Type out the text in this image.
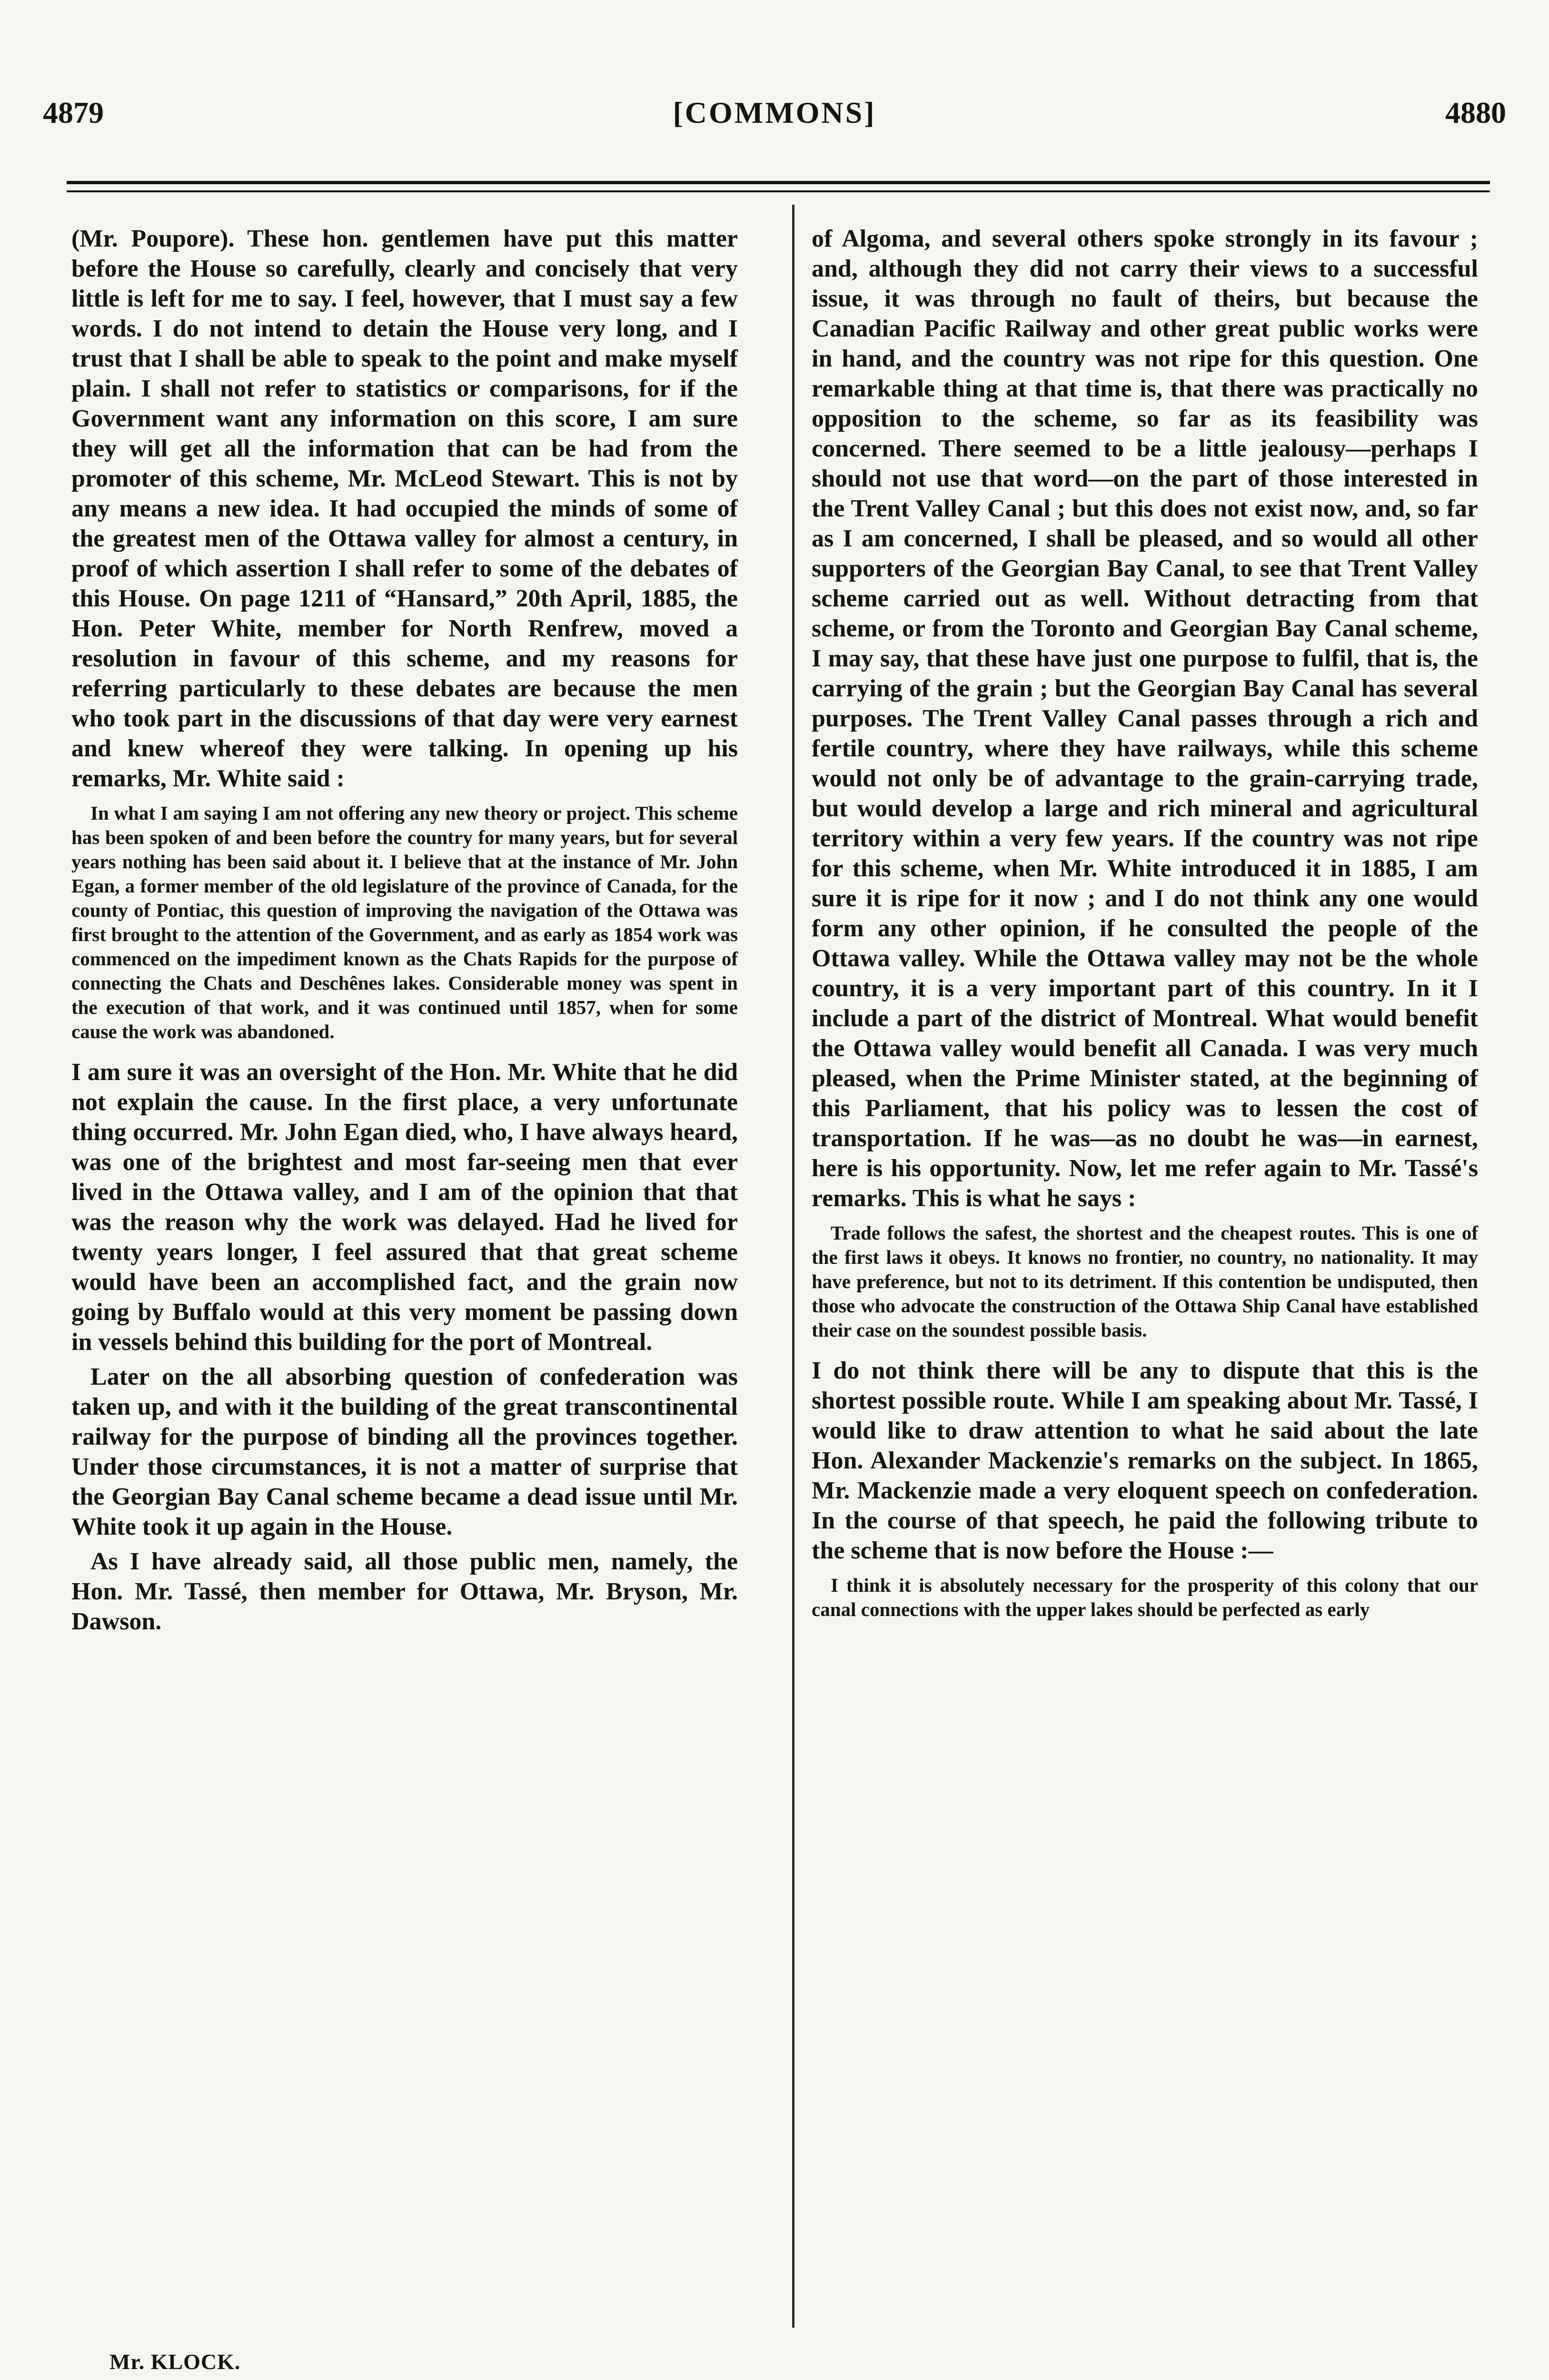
4879	[COMMONS]	4880

(Mr. Poupore). These hon. gentlemen have put this matter before the House so carefully, clearly and concisely that very little is left for me to say. I feel, however, that I must say a few words. I do not intend to detain the House very long, and I trust that I shall be able to speak to the point and make myself plain. I shall not refer to statistics or comparisons, for if the Government want any information on this score, I am sure they will get all the information that can be had from the promoter of this scheme, Mr. McLeod Stewart. This is not by any means a new idea. It had occupied the minds of some of the greatest men of the Ottawa valley for almost a century, in proof of which assertion I shall refer to some of the debates of this House. On page 1211 of “Hansard,” 20th April, 1885, the Hon. Peter White, member for North Renfrew, moved a resolution in favour of this scheme, and my reasons for referring particularly to these debates are because the men who took part in the discussions of that day were very earnest and knew whereof they were talking. In opening up his remarks, Mr. White said :

In what I am saying I am not offering any new theory or project. This scheme has been spoken of and been before the country for many years, but for several years nothing has been said about it. I believe that at the instance of Mr. John Egan, a former member of the old legislature of the province of Canada, for the county of Pontiac, this question of improving the navigation of the Ottawa was first brought to the attention of the Government, and as early as 1854 work was commenced on the impediment known as the Chats Rapids for the purpose of connecting the Chats and Deschênes lakes. Considerable money was spent in the execution of that work, and it was continued until 1857, when for some cause the work was abandoned.

I am sure it was an oversight of the Hon. Mr. White that he did not explain the cause. In the first place, a very unfortunate thing occurred. Mr. John Egan died, who, I have always heard, was one of the brightest and most far-seeing men that ever lived in the Ottawa valley, and I am of the opinion that that was the reason why the work was delayed. Had he lived for twenty years longer, I feel assured that that great scheme would have been an accomplished fact, and the grain now going by Buffalo would at this very moment be passing down in vessels behind this building for the port of Montreal.

Later on the all absorbing question of confederation was taken up, and with it the building of the great transcontinental railway for the purpose of binding all the provinces together. Under those circumstances, it is not a matter of surprise that the Georgian Bay Canal scheme became a dead issue until Mr. White took it up again in the House.

As I have already said, all those public men, namely, the Hon. Mr. Tassé, then member for Ottawa, Mr. Bryson, Mr. Dawson.

of Algoma, and several others spoke strongly in its favour ; and, although they did not carry their views to a successful issue, it was through no fault of theirs, but because the Canadian Pacific Railway and other great public works were in hand, and the country was not ripe for this question. One remarkable thing at that time is, that there was practically no opposition to the scheme, so far as its feasibility was concerned. There seemed to be a little jealousy—perhaps I should not use that word—on the part of those interested in the Trent Valley Canal ; but this does not exist now, and, so far as I am concerned, I shall be pleased, and so would all other supporters of the Georgian Bay Canal, to see that Trent Valley scheme carried out as well. Without detracting from that scheme, or from the Toronto and Georgian Bay Canal scheme, I may say, that these have just one purpose to fulfil, that is, the carrying of the grain ; but the Georgian Bay Canal has several purposes. The Trent Valley Canal passes through a rich and fertile country, where they have railways, while this scheme would not only be of advantage to the grain-carrying trade, but would develop a large and rich mineral and agricultural territory within a very few years. If the country was not ripe for this scheme, when Mr. White introduced it in 1885, I am sure it is ripe for it now ; and I do not think any one would form any other opinion, if he consulted the people of the Ottawa valley. While the Ottawa valley may not be the whole country, it is a very important part of this country. In it I include a part of the district of Montreal. What would benefit the Ottawa valley would benefit all Canada. I was very much pleased, when the Prime Minister stated, at the beginning of this Parliament, that his policy was to lessen the cost of transportation. If he was—as no doubt he was—in earnest, here is his opportunity. Now, let me refer again to Mr. Tassé's remarks. This is what he says :

Trade follows the safest, the shortest and the cheapest routes. This is one of the first laws it obeys. It knows no frontier, no country, no nationality. It may have preference, but not to its detriment. If this contention be undisputed, then those who advocate the construction of the Ottawa Ship Canal have established their case on the soundest possible basis.

I do not think there will be any to dispute that this is the shortest possible route. While I am speaking about Mr. Tassé, I would like to draw attention to what he said about the late Hon. Alexander Mackenzie's remarks on the subject. In 1865, Mr. Mackenzie made a very eloquent speech on confederation. In the course of that speech, he paid the following tribute to the scheme that is now before the House :—

I think it is absolutely necessary for the prosperity of this colony that our canal connections with the upper lakes should be perfected as early

Mr. KLOCK.
